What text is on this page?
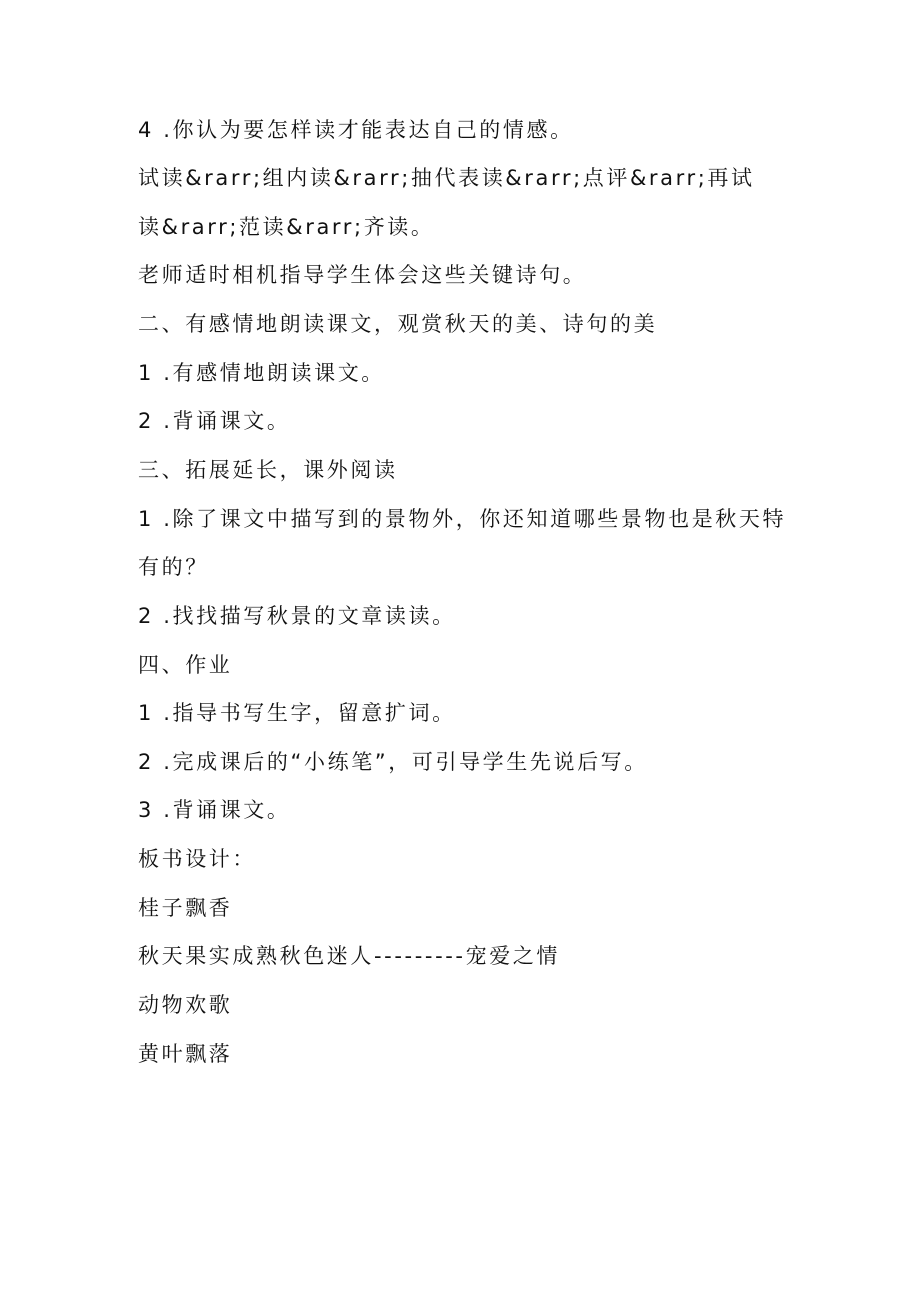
4 .你认为要怎样读才能表达自己的情感。
试读&rarr;组内读&rarr;抽代表读&rarr;点评&rarr;再试
读&rarr;范读&rarr;齐读。
老师适时相机指导学生体会这些关键诗句。
二、有感情地朗读课文，观赏秋天的美、诗句的美
1 .有感情地朗读课文。
2 .背诵课文。
三、拓展延长，课外阅读
1 .除了课文中描写到的景物外，你还知道哪些景物也是秋天特
有的？
2 .找找描写秋景的文章读读。
四、作业
1 .指导书写生字，留意扩词。
2 .完成课后的“小练笔”，可引导学生先说后写。
3 .背诵课文。
板书设计：
桂子飘香
秋天果实成熟秋色迷人---------宠爱之情
动物欢歌
黄叶飘落
